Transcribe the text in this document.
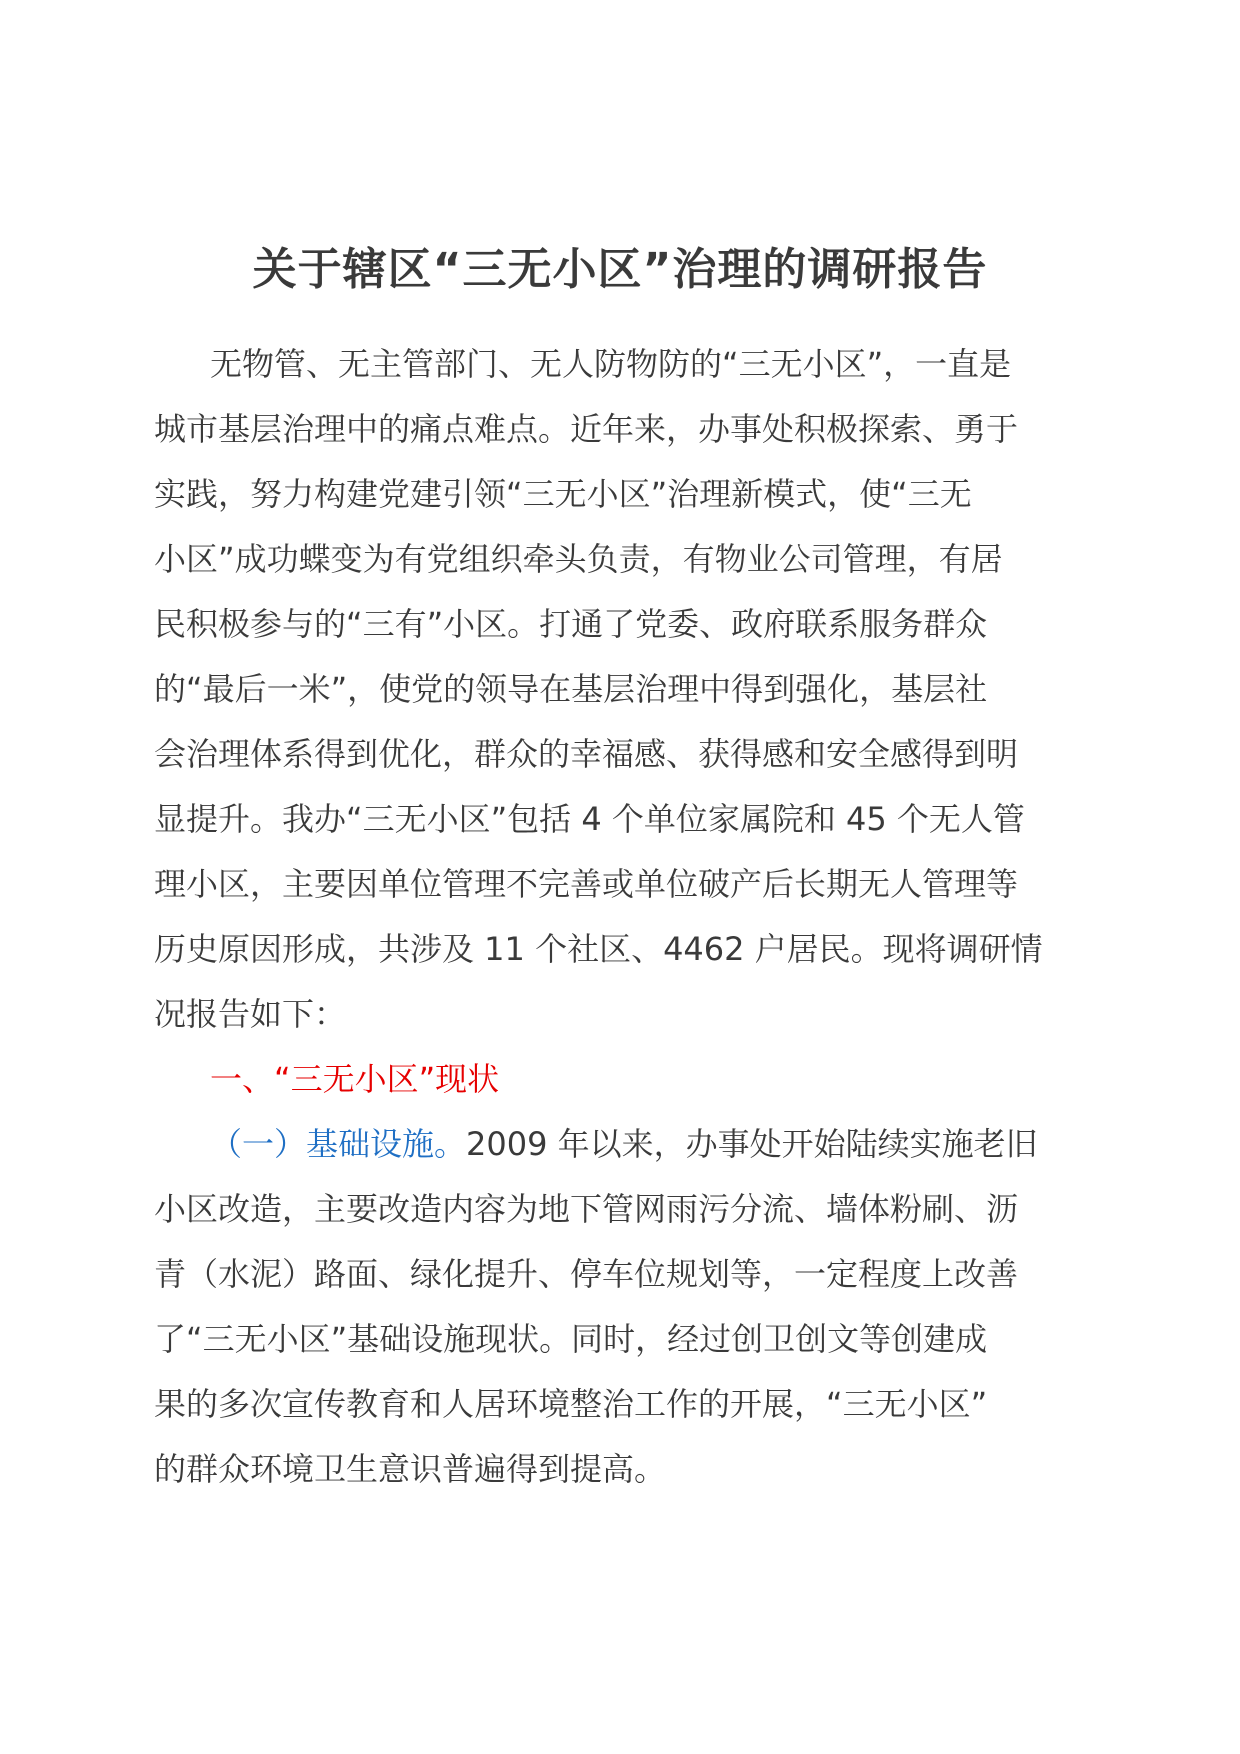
关于辖区“三无小区”治理的调研报告
无物管、无主管部门、无人防物防的“三无小区”，一直是
城市基层治理中的痛点难点。近年来，办事处积极探索、勇于
实践，努力构建党建引领“三无小区”治理新模式，使“三无
小区”成功蝶变为有党组织牵头负责，有物业公司管理，有居
民积极参与的“三有”小区。打通了党委、政府联系服务群众
的“最后一米”，使党的领导在基层治理中得到强化，基层社
会治理体系得到优化，群众的幸福感、获得感和安全感得到明
显提升。我办“三无小区”包括 4 个单位家属院和 45 个无人管
理小区，主要因单位管理不完善或单位破产后长期无人管理等
历史原因形成，共涉及 11 个社区、4462 户居民。现将调研情
况报告如下：
一、“三无小区”现状
（一）基础设施。2009 年以来，办事处开始陆续实施老旧
小区改造，主要改造内容为地下管网雨污分流、墙体粉刷、沥
青（水泥）路面、绿化提升、停车位规划等，一定程度上改善
了“三无小区”基础设施现状。同时，经过创卫创文等创建成
果的多次宣传教育和人居环境整治工作的开展，“三无小区”
的群众环境卫生意识普遍得到提高。
